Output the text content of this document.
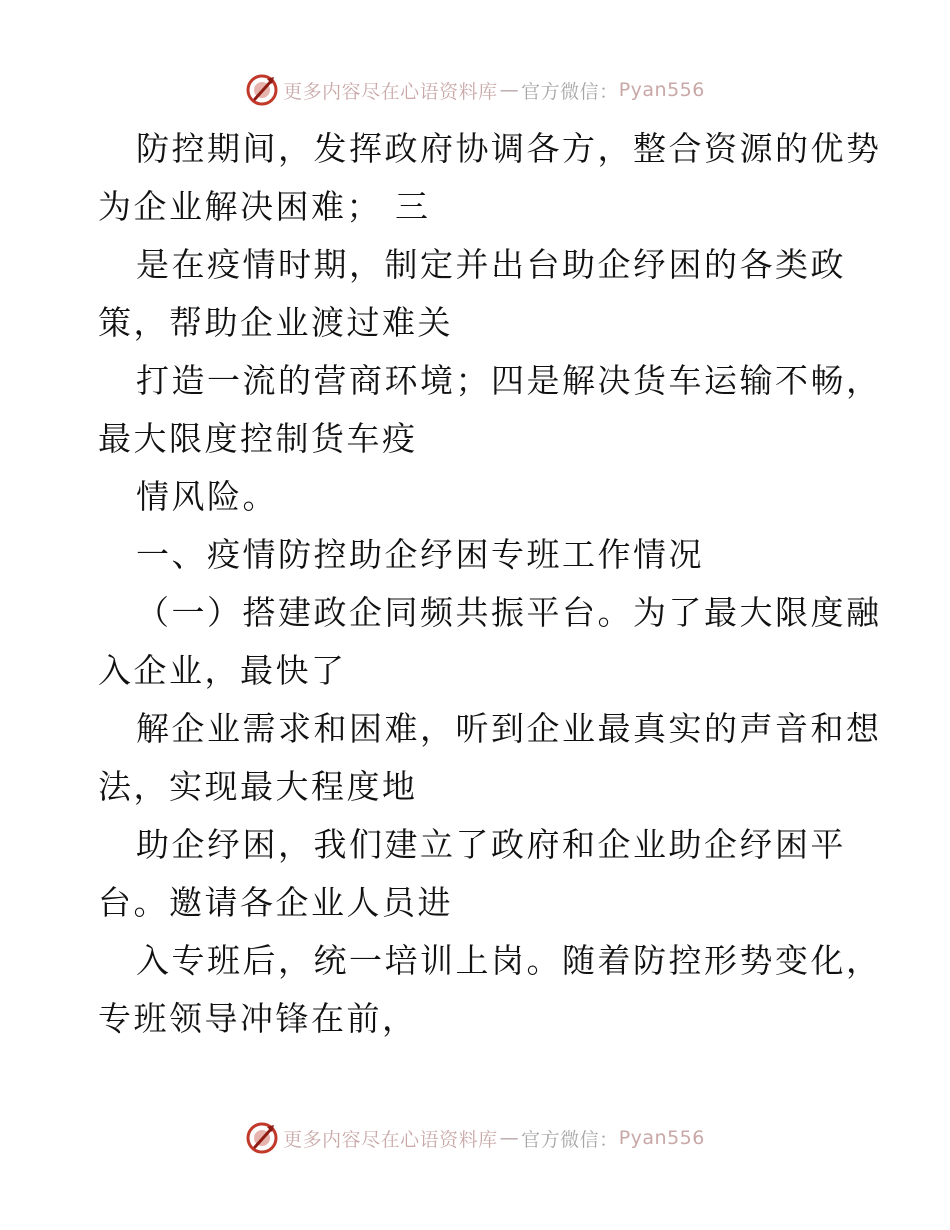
更多内容尽在心语资料库 — 官方微信： Pyan556
防控期间，发挥政府协调各方，整合资源的优势
为企业解决困难； 三
是在疫情时期，制定并出台助企纾困的各类政
策，帮助企业渡过难关
打造一流的营商环境；四是解决货车运输不畅，
最大限度控制货车疫
情风险。
一、疫情防控助企纾困专班工作情况
（一）搭建政企同频共振平台。为了最大限度融
入企业，最快了
解企业需求和困难，听到企业最真实的声音和想
法，实现最大程度地
助企纾困，我们建立了政府和企业助企纾困平
台。邀请各企业人员进
入专班后，统一培训上岗。随着防控形势变化，
专班领导冲锋在前，
更多内容尽在心语资料库 — 官方微信： Pyan556
